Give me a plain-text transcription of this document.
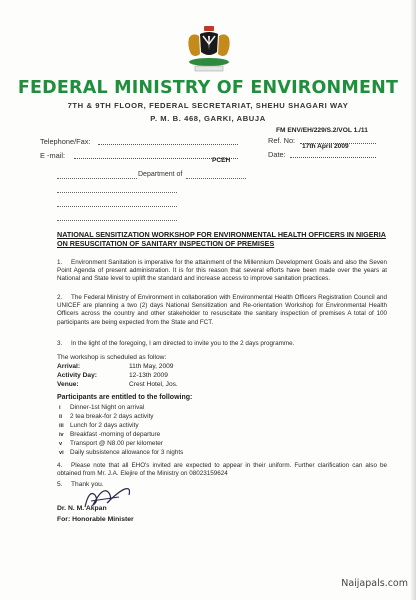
FEDERAL MINISTRY OF ENVIRONMENT
7TH & 9TH FLOOR, FEDERAL SECRETARIAT, SHEHU SHAGARI WAY
P. M. B. 468, GARKI, ABUJA
FM ENV/EH/229/S.2/VOL 1./11
Telephone/Fax:	Ref. No:
17th April 2009
E -mail:	Date:
PCEH
Department of
NATIONAL SENSITIZATION WORKSHOP FOR ENVIRONMENTAL HEALTH OFFICERS IN NIGERIA ON RESUSCITATION OF SANITARY INSPECTION OF PREMISES
1. Environment Sanitation is imperative for the attainment of the Millennium Development Goals and also the Seven Point Agenda of present administration. It is for this reason that several efforts have been made over the years at National and State level to uplift the standard and increase access to improve sanitation practices.
2. The Federal Ministry of Environment in collaboration with Environmental Health Officers Registration Council and UNICEF are planning a two (2) days National Sensitization and Re-orientation Workshop for Environmental Health Officers across the country and other stakeholder to resuscitate the sanitary inspection of premises A total of 100 participants are being expected from the State and FCT.
3. In the light of the foregoing, I am directed to invite you to the 2 days programme.
The workshop is scheduled as follow:
Arrival:	11th May, 2009
Activity Day:	12-13th 2009
Venue:	Crest Hotel, Jos.
Participants are entitled to the following:
i Dinner-1st Night on arrival
ii 2 tea break-for 2 days activity
iii Lunch for 2 days activity
iv Breakfast -morning of departure
v Transport @ N8.00 per kilometer
vi Daily subsistence allowance for 3 nights
4. Please note that all EHO's invited are expected to appear in their uniform. Further clarification can also be obtained from Mr. J.A. Elejire of the Ministry on 08023159624
5. Thank you.
Dr. N. M. Akpan
For: Honorable Minister
Naijapals.com
